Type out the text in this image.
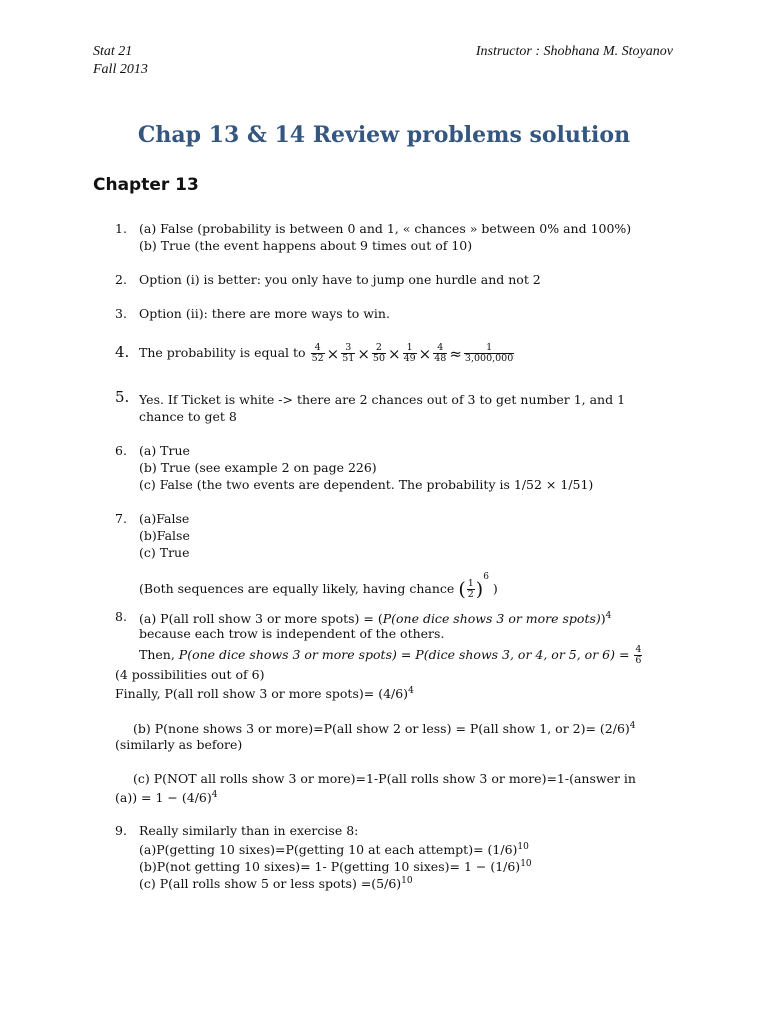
Stat 21
Fall 2013
Instructor : Shobhana M. Stoyanov
Chap 13 & 14 Review problems solution
Chapter 13
1. (a) False (probability is between 0 and 1, « chances » between 0% and 100%)
(b) True (the event happens about 9 times out of 10)
2. Option (i) is better: you only have to jump one hurdle and not 2
3. Option (ii): there are more ways to win.
4. The probability is equal to $\frac{4}{52} \times \frac{3}{51} \times \frac{2}{50} \times \frac{1}{49} \times \frac{4}{48} \approx \frac{1}{3,000,000}$
5. Yes. If Ticket is white -> there are 2 chances out of 3 to get number 1, and 1
chance to get 8
6. (a) True
(b) True (see example 2 on page 226)
(c) False (the two events are dependent. The probability is 1/52 × 1/51)
7. (a)False
(b)False
(c) True
(Both sequences are equally likely, having chance ( $\frac{1}{2} )^6$ )
8. (a) P(all roll show 3 or more spots) = (P(one dice shows 3 or more spots))$^4$
because each trow is independent of the others.
Then, P(one dice shows 3 or more spots) = P(dice shows 3, or 4, or 5, or $6) = \frac{4}{6}$
(4 possibilities out of 6)
Finally, P(all roll show 3 or more spots)= $(4/6)^4$
(b) P(none shows 3 or more)=P(all show 2 or less) = P(all show 1, or $2)= (2/6)^4$
(similarly as before)
(c) P(NOT all rolls show 3 or more)=1-P(all rolls show 3 or more)=1-(answer in
$(a)) = 1 - (4/6)^4$
9. Really similarly than in exercise 8:
(a)P(getting 10 sixes)=P(getting 10 at each attempt)= $(1/6)^{10}$
(b)P(not getting 10 sixes)= 1- P(getting 10 sixes)= $1 - (1/6)^{10}$
(c) P(all rolls show 5 or less spots) $=(5/6)^{10}$
